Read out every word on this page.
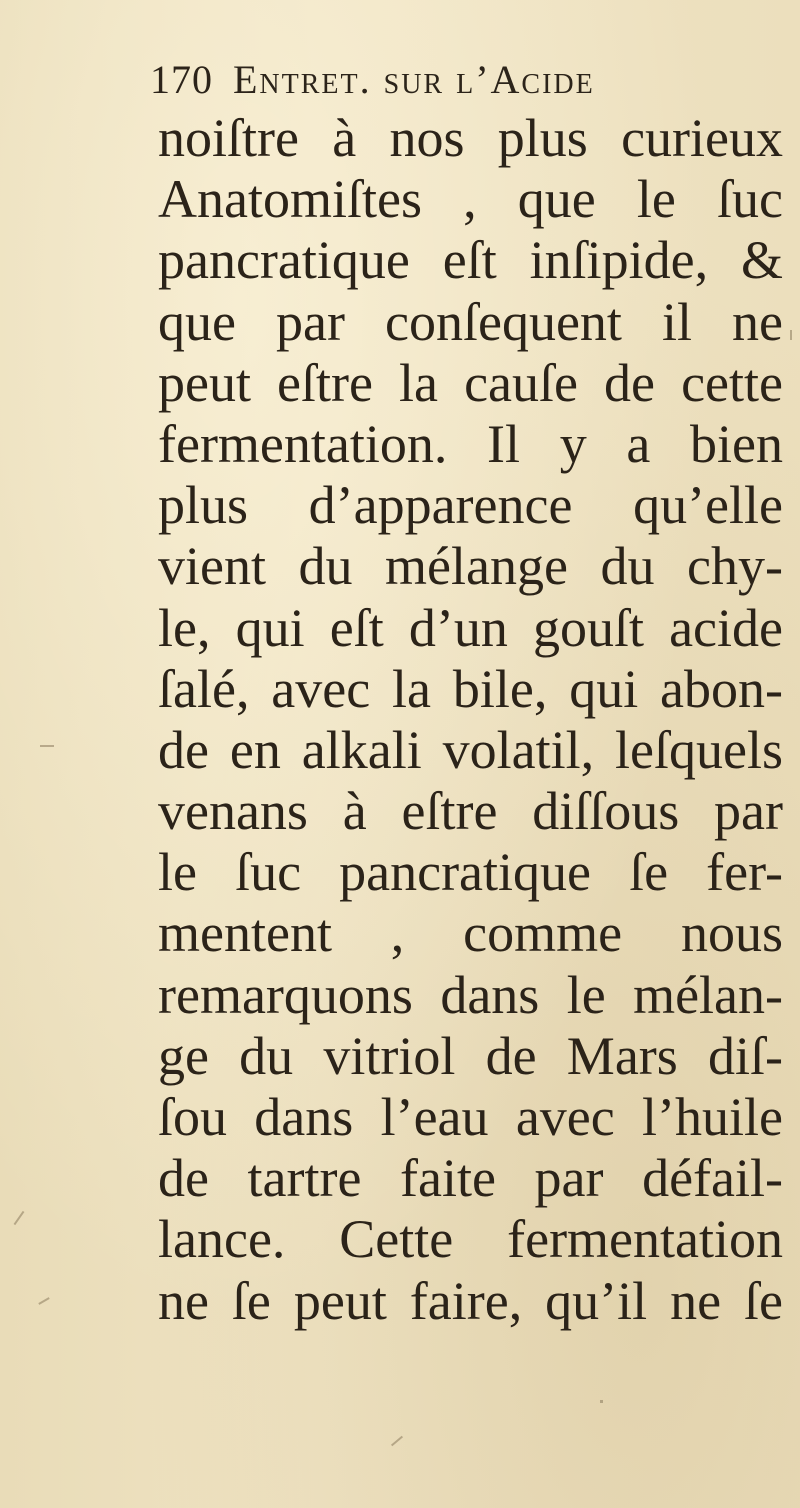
170 Entret. sur l’Acide
noiſtre à nos plus curieux
Anatomiſtes , que le ſuc
pancratique eſt inſipide, &
que par conſequent il ne
peut eſtre la cauſe de cette
fermentation. Il y a bien
plus d’apparence qu’elle
vient du mélange du chy-
le, qui eſt d’un gouſt acide
ſalé, avec la bile, qui abon-
de en alkali volatil, leſquels
venans à eſtre diſſous par
le ſuc pancratique ſe fer-
mentent , comme nous
remarquons dans le mélan-
ge du vitriol de Mars diſ-
ſou dans l’eau avec l’huile
de tartre faite par défail-
lance. Cette fermentation
ne ſe peut faire, qu’il ne ſe
